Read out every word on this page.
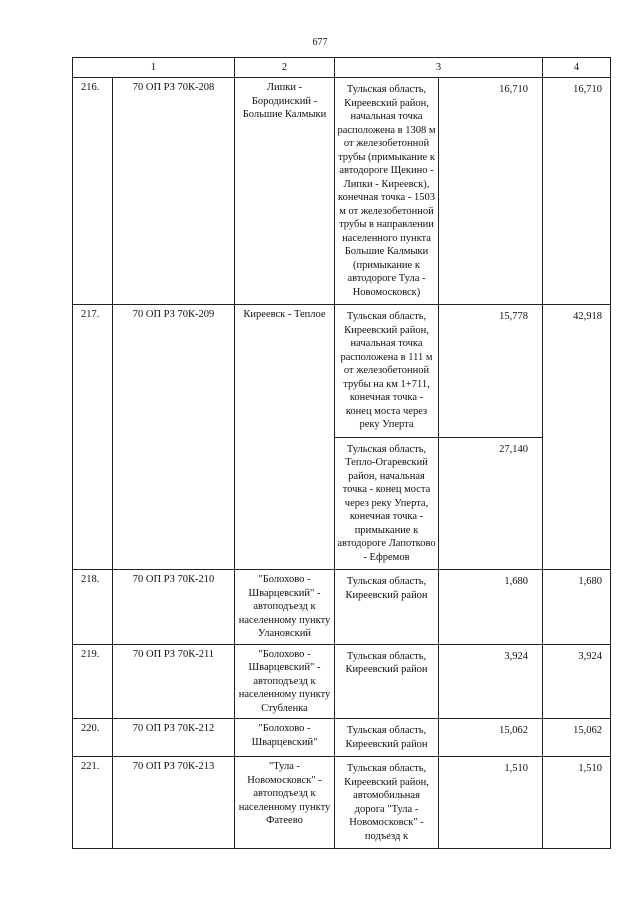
677
1		2	3		4
216.	70 ОП РЗ 70К-208	Липки - Бородинский - Большие Калмыки	Тульская область, Киреевский район, начальная точка расположена в 1308 м от железобетонной трубы (примыкание к автодороге Щекино - Липки - Киреевск), конечная точка - 1503 м от железобетонной трубы в направлении населенного пункта Большие Калмыки (примыкание к автодороге Тула - Новомосковск)	16,710	16,710
217.	70 ОП РЗ 70К-209	Киреевск - Теплое	Тульская область, Киреевский район, начальная точка расположена в 111 м от железобетонной трубы на км 1+711, конечная точка - конец моста через реку Уперта	15,778	42,918
			Тульская область, Тепло-Огаревский район, начальная точка - конец моста через реку Уперта, конечная точка - примыкание к автодороге Лапотково - Ефремов	27,140	
218.	70 ОП РЗ 70К-210	"Болохово - Шварцевский" - автоподъезд к населенному пункту Улановский	Тульская область, Киреевский район	1,680	1,680
219.	70 ОП РЗ 70К-211	"Болохово - Шварцевский" - автоподъезд к населенному пункту Стубленка	Тульская область, Киреевский район	3,924	3,924
220.	70 ОП РЗ 70К-212	"Болохово - Шварцевский"	Тульская область, Киреевский район	15,062	15,062
221.	70 ОП РЗ 70К-213	"Тула - Новомосковск" - автоподъезд к населенному пункту Фатеево	Тульская область, Киреевский район, автомобильная дорога "Тула - Новомосковск" - подъезд к	1,510	1,510
